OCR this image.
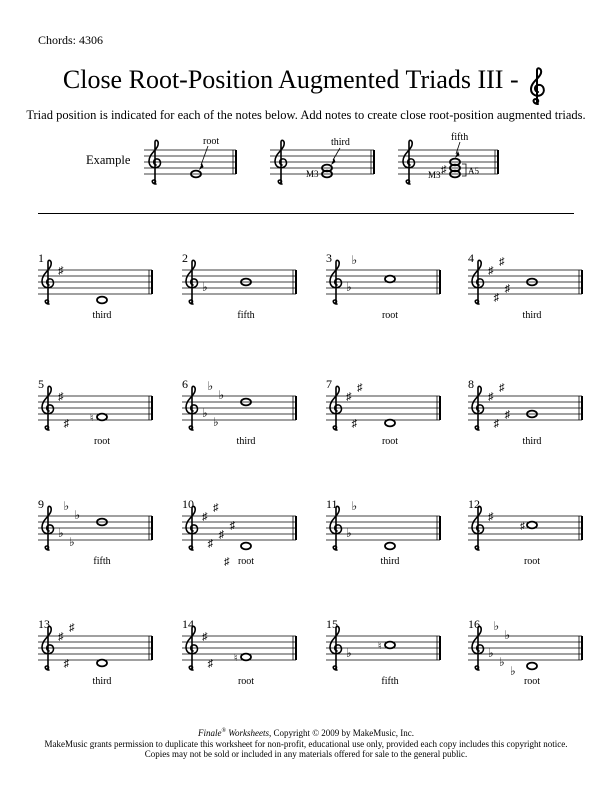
Chords: 4306
Close Root-Position Augmented Triads III -
Triad position is indicated for each of the notes below. Add notes to create close root-position augmented triads.
Example
root	third
M3	♯
fifth
M3	A5
1
♯
third
2
♭
fifth
3
♭
♭
root
4
♯
♯
♯
♯
third
5
♯
♯ ♮
root
6
♭
♭
♭
♭
third
7
♯
♯
♯
root
8
♯
♯
♯
♯
third
9
♭
♭
♭
♭
fifth
10
♯
♯
♯
♯
♯
♯
root
11
♭
♭
third
12
♯
♯
root
13
♯
♯
♯
third
14
♯
♯ ♮
root
15
♭	♮
fifth
16
♭
♭
♭
♭
♭
root
Finale® Worksheets, Copyright © 2009 by MakeMusic, Inc.
MakeMusic grants permission to duplicate this worksheet for non-profit, educational use only, provided each copy includes this copyright notice.
Copies may not be sold or included in any materials offered for sale to the general public.
